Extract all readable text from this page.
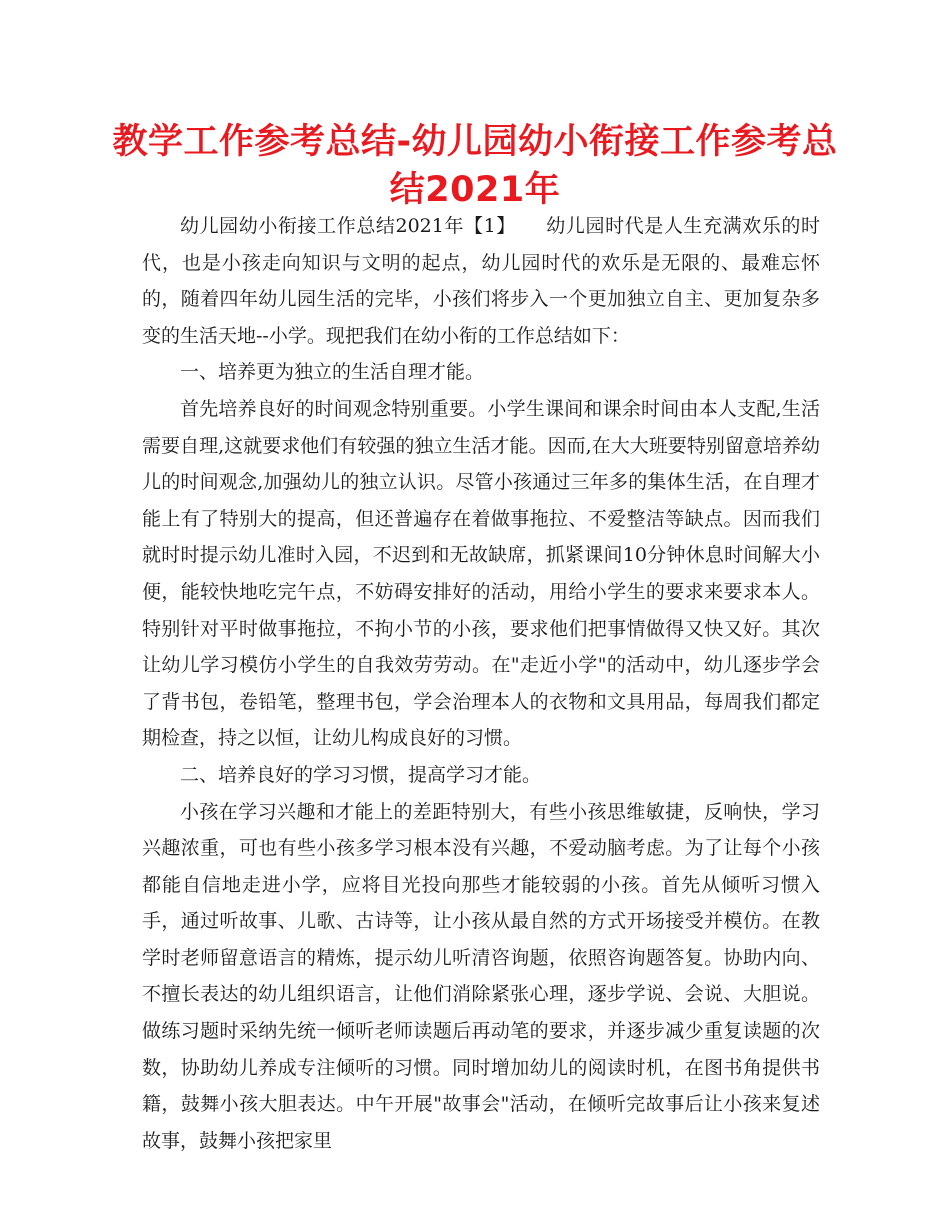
教学工作参考总结-幼儿园幼小衔接工作参考总结2021年

幼儿园幼小衔接工作总结2021年【1】 幼儿园时代是人生充满欢乐的时代，也是小孩走向知识与文明的起点，幼儿园时代的欢乐是无限的、最难忘怀的，随着四年幼儿园生活的完毕，小孩们将步入一个更加独立自主、更加复杂多变的生活天地--小学。现把我们在幼小衔的工作总结如下：

一、培养更为独立的生活自理才能。

首先培养良好的时间观念特别重要。小学生课间和课余时间由本人支配,生活需要自理,这就要求他们有较强的独立生活才能。因而,在大大班要特别留意培养幼儿的时间观念,加强幼儿的独立认识。尽管小孩通过三年多的集体生活，在自理才能上有了特别大的提高，但还普遍存在着做事拖拉、不爱整洁等缺点。因而我们就时时提示幼儿准时入园，不迟到和无故缺席，抓紧课间10分钟休息时间解大小便，能较快地吃完午点，不妨碍安排好的活动，用给小学生的要求来要求本人。特别针对平时做事拖拉，不拘小节的小孩，要求他们把事情做得又快又好。其次让幼儿学习模仿小学生的自我效劳劳动。在"走近小学"的活动中，幼儿逐步学会了背书包，卷铅笔，整理书包，学会治理本人的衣物和文具用品，每周我们都定期检查，持之以恒，让幼儿构成良好的习惯。

二、培养良好的学习习惯，提高学习才能。

小孩在学习兴趣和才能上的差距特别大，有些小孩思维敏捷，反响快，学习兴趣浓重，可也有些小孩多学习根本没有兴趣，不爱动脑考虑。为了让每个小孩都能自信地走进小学，应将目光投向那些才能较弱的小孩。首先从倾听习惯入手，通过听故事、儿歌、古诗等，让小孩从最自然的方式开场接受并模仿。在教学时老师留意语言的精炼，提示幼儿听清咨询题，依照咨询题答复。协助内向、不擅长表达的幼儿组织语言，让他们消除紧张心理，逐步学说、会说、大胆说。做练习题时采纳先统一倾听老师读题后再动笔的要求，并逐步减少重复读题的次数，协助幼儿养成专注倾听的习惯。同时增加幼儿的阅读时机，在图书角提供书籍，鼓舞小孩大胆表达。中午开展"故事会"活动，在倾听完故事后让小孩来复述故事，鼓舞小孩把家里
